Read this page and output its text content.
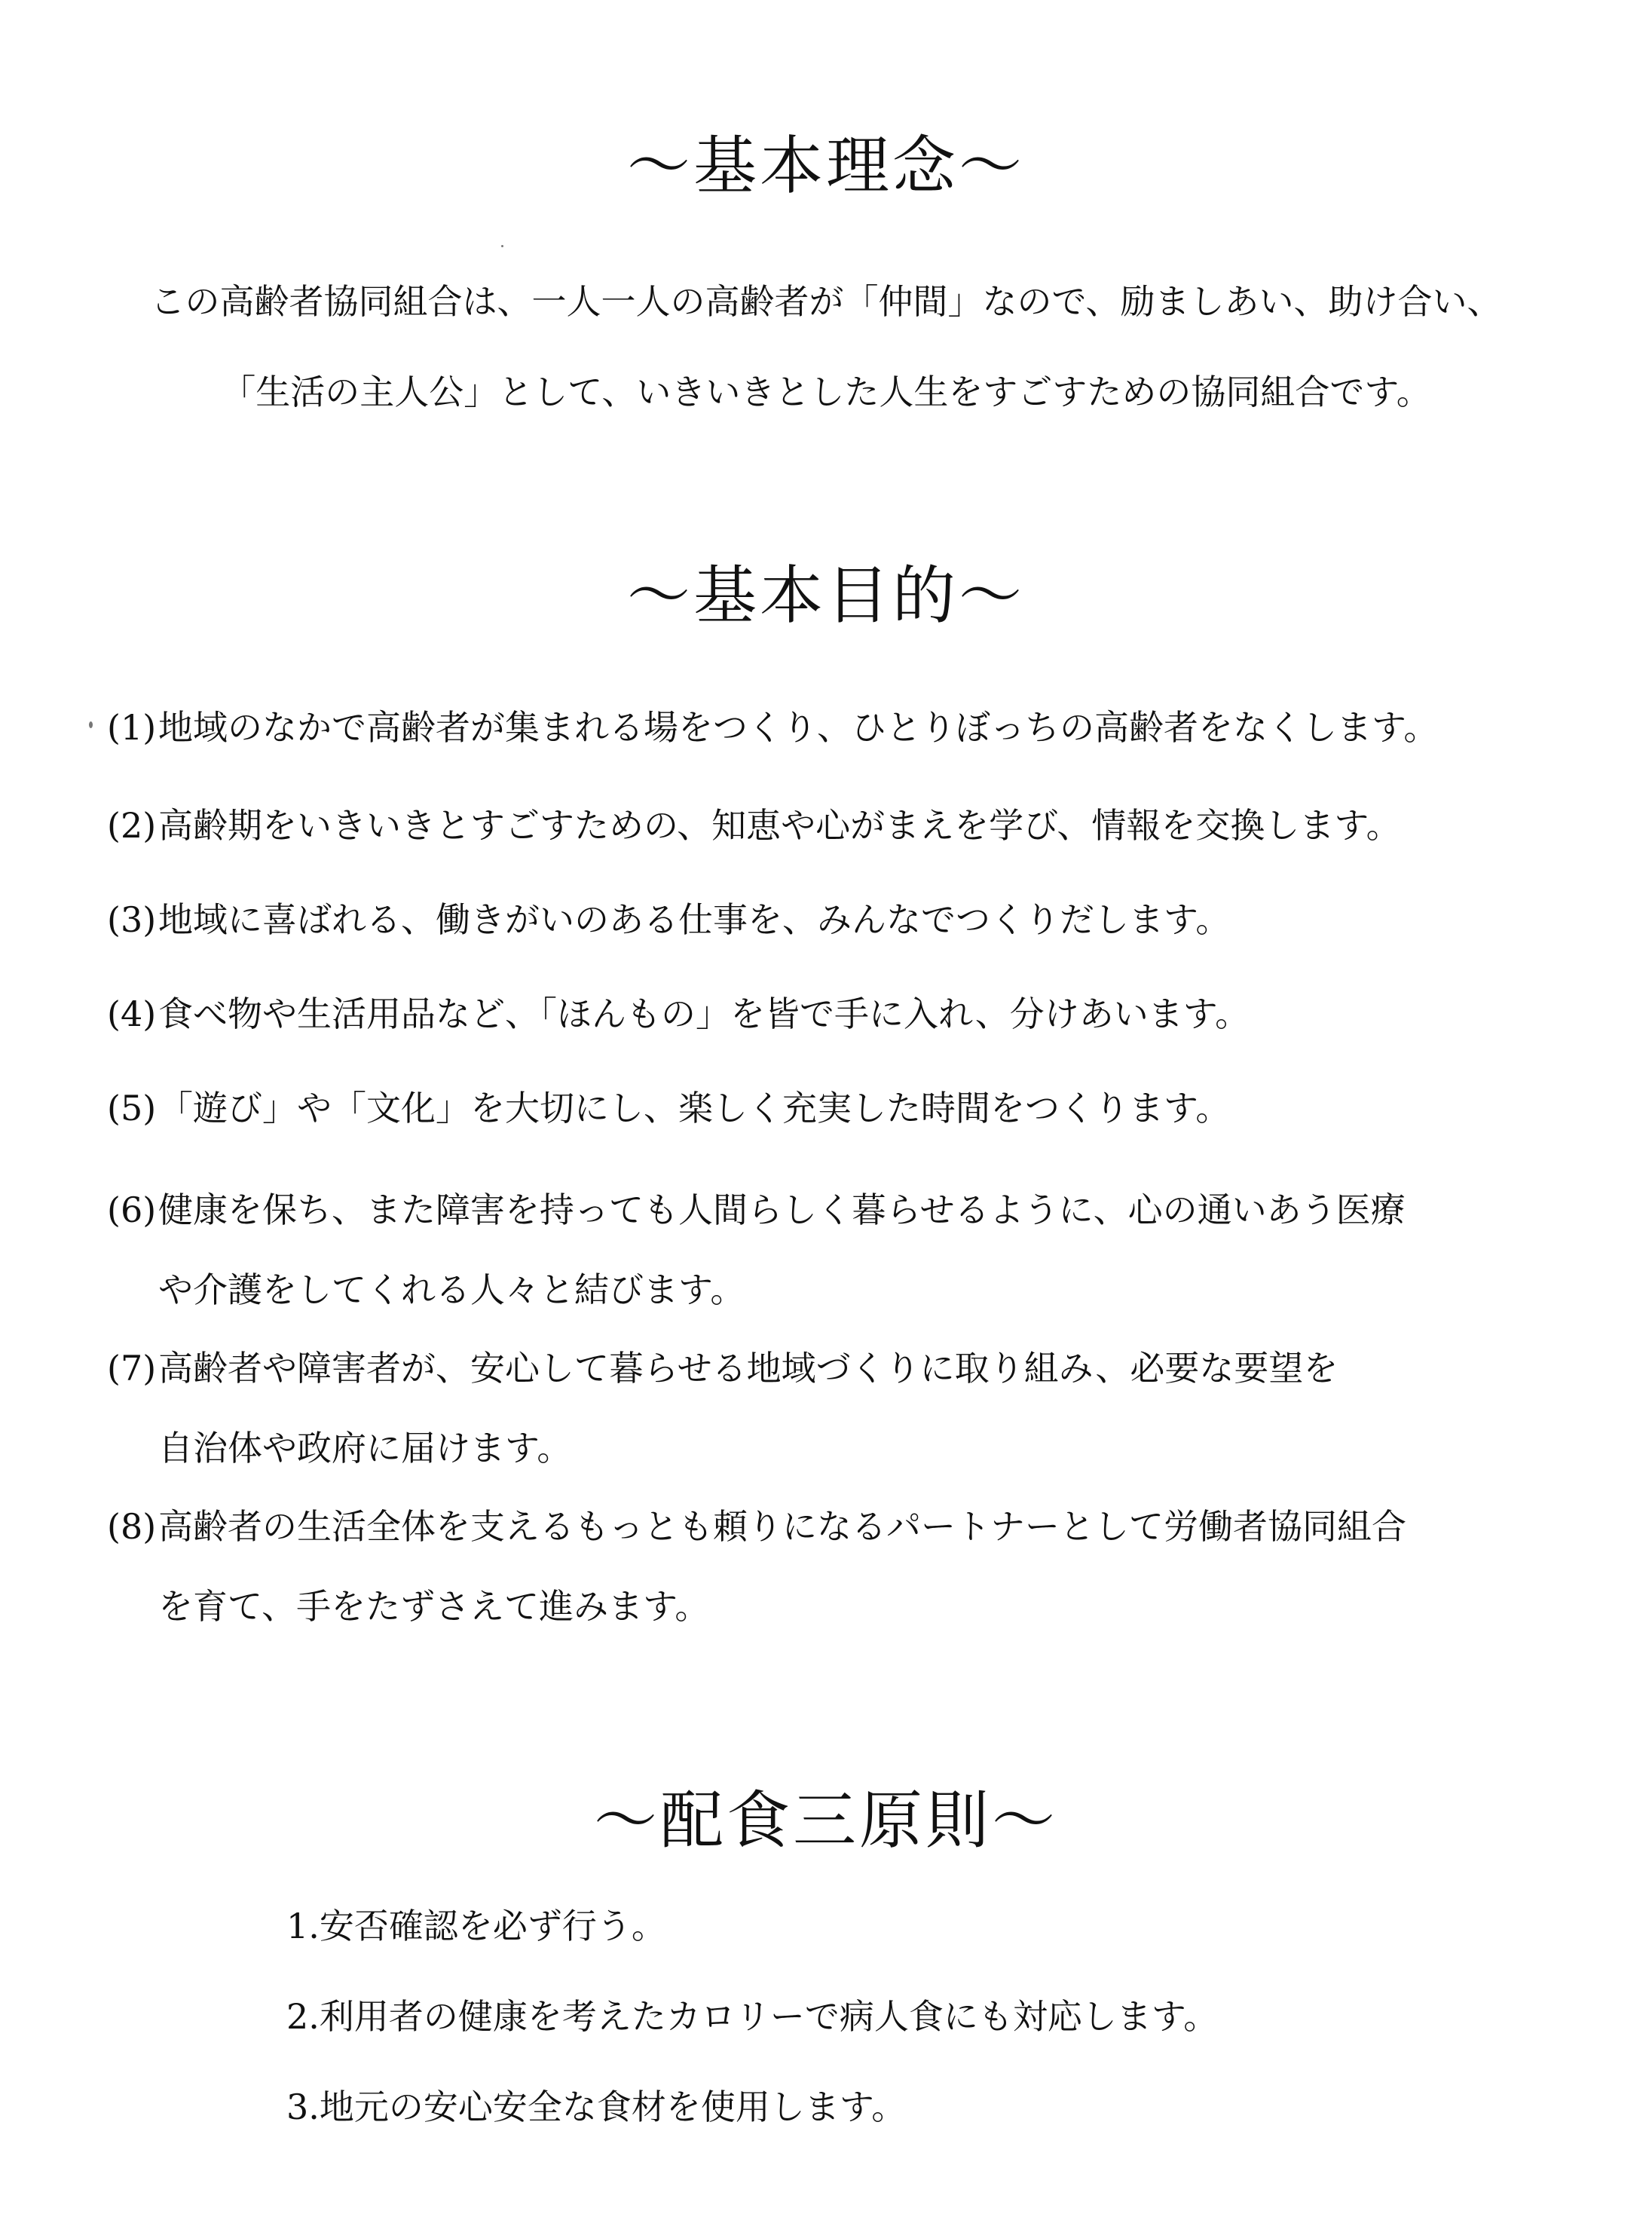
～基本理念～

この高齢者協同組合は、一人一人の高齢者が「仲間」なので、励ましあい、助け合い、

「生活の主人公」として、いきいきとした人生をすごすための協同組合です。

～基本目的～
(1) 地域のなかで高齢者が集まれる場をつくり、ひとりぼっちの高齢者をなくします。
(2) 高齢期をいきいきとすごすための、知恵や心がまえを学び、情報を交換します。
(3) 地域に喜ばれる、働きがいのある仕事を、みんなでつくりだします。
(4) 食べ物や生活用品など、「ほんもの」を皆で手に入れ、分けあいます。
(5) 「遊び」や「文化」を大切にし、楽しく充実した時間をつくります。
(6) 健康を保ち、また障害を持っても人間らしく暮らせるように、心の通いあう医療
や介護をしてくれる人々と結びます。
(7) 高齢者や障害者が、安心して暮らせる地域づくりに取り組み、必要な要望を
自治体や政府に届けます。
(8) 高齢者の生活全体を支えるもっとも頼りになるパートナーとして労働者協同組合
を育て、手をたずさえて進みます。
～配食三原則～

1.安否確認を必ず行う。

2.利用者の健康を考えたカロリーで病人食にも対応します。

3.地元の安心安全な食材を使用します。
